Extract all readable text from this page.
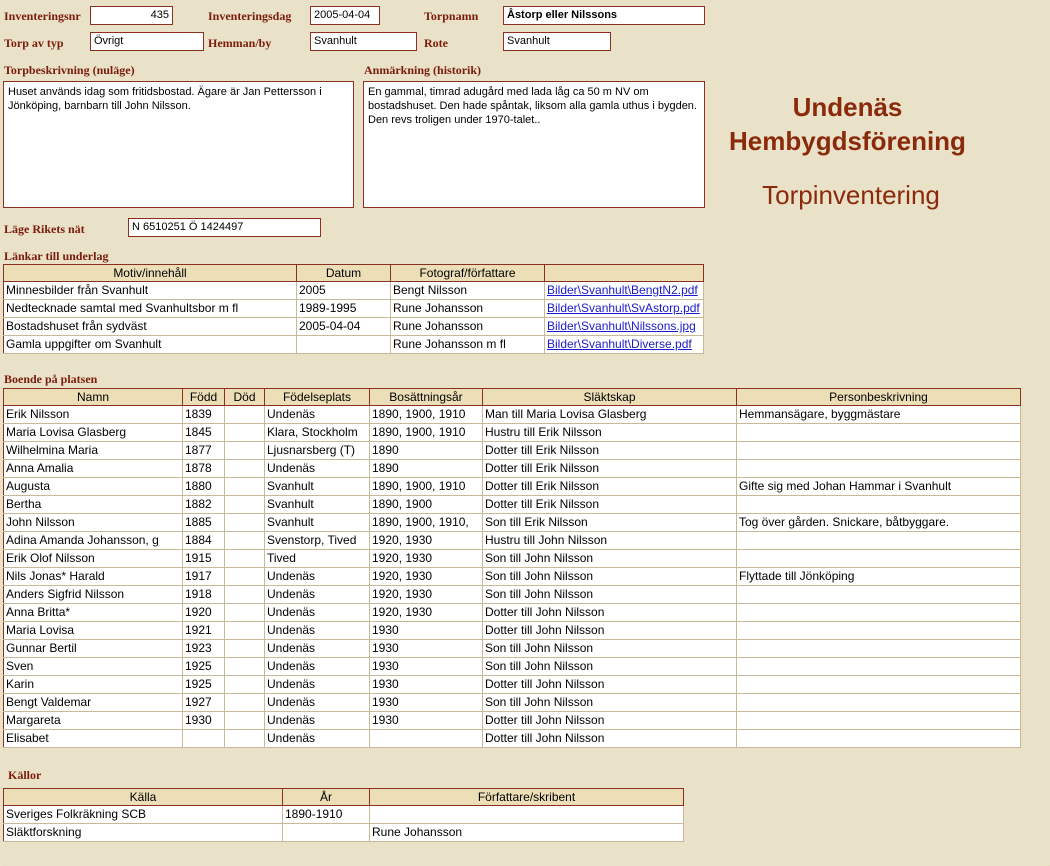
Inventeringsnr	435	Inventeringsdag	2005-04-04	Torpnamn	Åstorp eller Nilssons
Torp av typ	Övrigt	Hemman/by	Svanhult	Rote	Svanhult
Torpbeskrivning (nuläge)
Huset används idag som fritidsbostad. Ägare är Jan Pettersson i Jönköping, barnbarn till John Nilsson.
Anmärkning (historik)
En gammal, timrad adugård med lada låg ca 50 m NV om bostadshuset. Den hade spåntak, liksom alla gamla uthus i bygden.  Den revs troligen under 1970-talet..	Undenäs
Hembygdsförening
Torpinventering
Läge Rikets nät	N 6510251 Ö 1424497
Länkar till underlag
Motiv/innehåll	Datum	Fotograf/författare	
Minnesbilder från Svanhult	2005	Bengt Nilsson	Bilder\Svanhult\BengtN2.pdf
Nedtecknade samtal med Svanhultsbor m fl	1989-1995	Rune Johansson	Bilder\Svanhult\SvAstorp.pdf
Bostadshuset från sydväst	2005-04-04	Rune Johansson	Bilder\Svanhult\Nilssons.jpg
Gamla uppgifter om Svanhult		Rune Johansson m fl	Bilder\Svanhult\Diverse.pdf
Boende på platsen
Namn	Född	Död	Födelseplats	Bosättningsår	Släktskap	Personbeskrivning
Erik Nilsson	1839		Undenäs	1890, 1900, 1910	Man till Maria Lovisa Glasberg	Hemmansägare, byggmästare
Maria Lovisa Glasberg	1845		Klara, Stockholm	1890, 1900, 1910	Hustru till Erik Nilsson	
Wilhelmina Maria	1877		Ljusnarsberg (T)	1890	Dotter till Erik Nilsson	
Anna Amalia	1878		Undenäs	1890	Dotter till Erik Nilsson	
Augusta	1880		Svanhult	1890, 1900, 1910	Dotter till Erik Nilsson	Gifte sig med Johan Hammar i Svanhult
Bertha	1882		Svanhult	1890, 1900	Dotter till Erik Nilsson	
John Nilsson	1885		Svanhult	1890, 1900, 1910,	Son till Erik Nilsson	Tog över gården. Snickare, båtbyggare.
Adina Amanda Johansson, g	1884		Svenstorp, Tived	1920, 1930	Hustru till John Nilsson	
Erik Olof Nilsson	1915		Tived	1920, 1930	Son till John Nilsson	
Nils Jonas* Harald	1917		Undenäs	1920, 1930	Son till John Nilsson	Flyttade till Jönköping
Anders Sigfrid Nilsson	1918		Undenäs	1920, 1930	Son till John Nilsson	
Anna Britta*	1920		Undenäs	1920, 1930	Dotter till John Nilsson	
Maria Lovisa	1921		Undenäs	1930	Dotter till John Nilsson	
Gunnar Bertil	1923		Undenäs	1930	Son till John Nilsson	
Sven	1925		Undenäs	1930	Son till John Nilsson	
Karin	1925		Undenäs	1930	Dotter till John Nilsson	
Bengt Valdemar	1927		Undenäs	1930	Son till John Nilsson	
Margareta	1930		Undenäs	1930	Dotter till John Nilsson	
Elisabet			Undenäs		Dotter till John Nilsson	
Källor
Källa	År	Författare/skribent
Sveriges Folkräkning SCB	1890-1910	
Släktforskning		Rune Johansson
